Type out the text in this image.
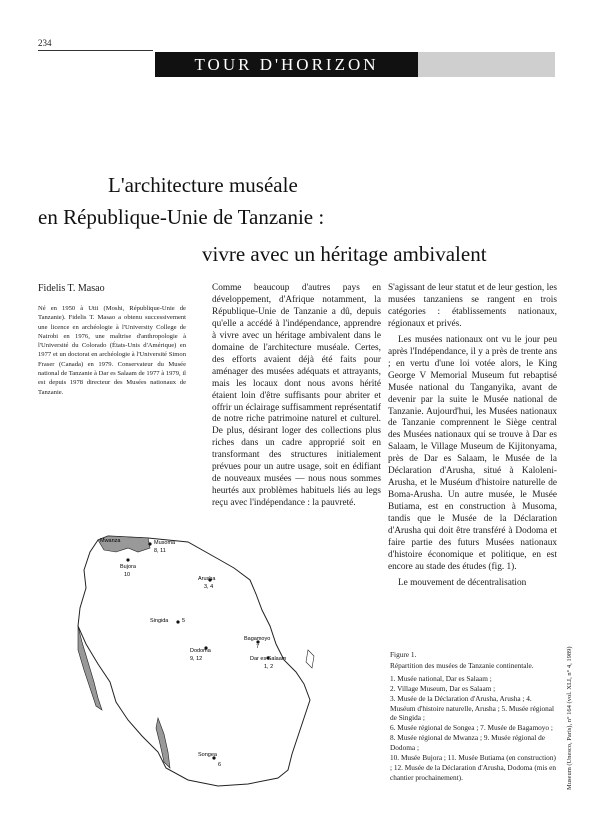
234
TOUR D'HORIZON
L'architecture muséale
en République-Unie de Tanzanie :
vivre avec un héritage ambivalent
Fidelis T. Masao
Né en 1950 à Utii (Moshi, République-Unie de Tanzanie). Fidelis T. Masao a obtenu successivement une licence en archéologie à l'University College de Nairobi en 1976, une maîtrise d'anthropologie à l'Université du Colorado (États-Unis d'Amérique) en 1977 et un doctorat en archéologie à l'Université Simon Fraser (Canada) en 1979. Conservateur du Musée national de Tanzanie à Dar es Salaam de 1977 à 1979, il est depuis 1978 directeur des Musées nationaux de Tanzanie.

Comme beaucoup d'autres pays en développement, d'Afrique notamment, la République-Unie de Tanzanie a dû, depuis qu'elle a accédé à l'indépendance, apprendre à vivre avec un héritage ambivalent dans le domaine de l'architecture muséale. Certes, des efforts avaient déjà été faits pour aménager des musées adéquats et attrayants, mais les locaux dont nous avons hérité étaient loin d'être suffisants pour abriter et offrir un éclairage suffisamment représentatif de notre riche patrimoine naturel et culturel. De plus, désirant loger des collections plus riches dans un cadre approprié soit en transformant des structures initialement prévues pour un autre usage, soit en édifiant de nouveaux musées — nous nous sommes heurtés aux problèmes habituels liés au legs reçu avec l'indépendance : la pauvreté.

S'agissant de leur statut et de leur gestion, les musées tanzaniens se rangent en trois catégories : établissements nationaux, régionaux et privés.

Les musées nationaux ont vu le jour peu après l'Indépendance, il y a près de trente ans ; en vertu d'une loi votée alors, le King George V Memorial Museum fut rebaptisé Musée national du Tanganyika, avant de devenir par la suite le Musée national de Tanzanie. Aujourd'hui, les Musées nationaux de Tanzanie comprennent le Siège central des Musées nationaux qui se trouve à Dar es Salaam, le Village Museum de Kijitonyama, près de Dar es Salaam, le Musée de la Déclaration d'Arusha, situé à Kaloleni-Arusha, et le Muséum d'histoire naturelle de Boma-Arusha. Un autre musée, le Musée Butiama, est en construction à Musoma, tandis que le Musée de la Déclaration d'Arusha qui doit être transféré à Dodoma et faire partie des futurs Musées nationaux d'histoire économique et politique, en est encore au stade des études (fig. 1).

Le mouvement de décentralisation

Mwanza	Musoma
8, 11
Bujora
10
Arusha
3, 4
Singida 5
Dodoma
9, 12
Bagamoyo
7
Dar es Salaam
1, 2
Songea
6

Figure 1.

Répartition des musées de Tanzanie continentale.

1. Musée national, Dar es Salaam ;

2. Village Museum, Dar es Salaam ;

3. Musée de la Déclaration d'Arusha, Arusha ; 4. Muséum d'histoire naturelle, Arusha ; 5. Musée régional de Singida ;

6. Musée régional de Songea ; 7. Musée de Bagamoyo ; 8. Musée régional de Mwanza ; 9. Musée régional de Dodoma ;

10. Musée Bujora ; 11. Musée Butiama (en construction) ; 12. Musée de la Déclaration d'Arusha, Dodoma (mis en chantier prochainement).	Museum (Unesco, Paris), n° 164 (vol. XLI, n° 4, 1989)
